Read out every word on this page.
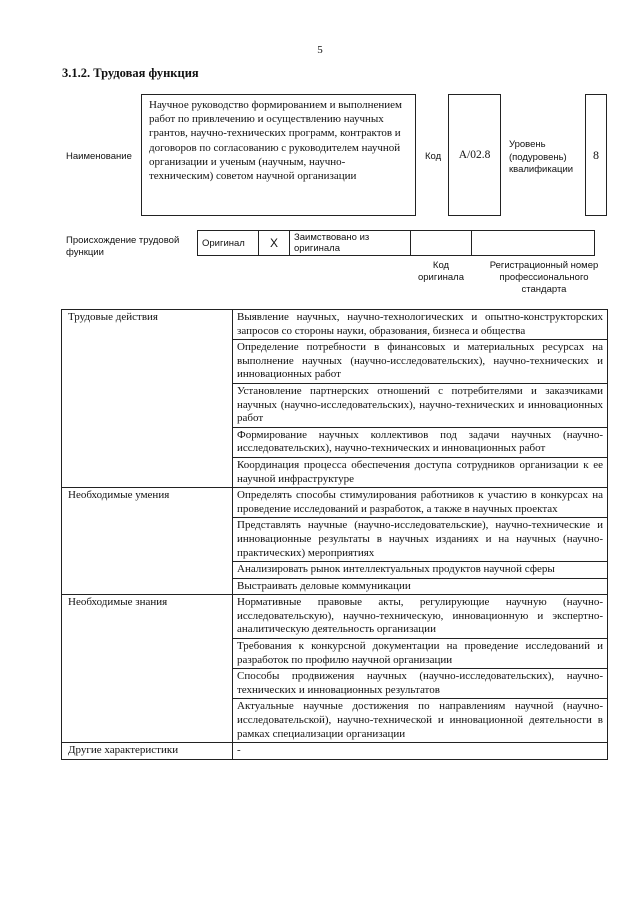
5
3.1.2. Трудовая функция
Наименование
Научное руководство формированием и выполнением работ по привлечению и осуществлению научных грантов, научно-технических программ, контрактов и договоров по согласованию с руководителем научной организации и ученым (научным, научно-техническим) советом научной организации
Код A/02.8
Уровень (подуровень) квалификации
8
Происхождение трудовой функции
Оригинал	X	Заимствовано из оригинала		
Код оригинала
Регистрационный номер профессионального стандарта
Трудовые действия	Выявление научных, научно-технологических и опытно-конструкторских запросов со стороны науки, образования, бизнеса и общества
	Определение потребности в финансовых и материальных ресурсах на выполнение научных (научно-исследовательских), научно-технических и инновационных работ
	Установление партнерских отношений с потребителями и заказчиками научных (научно-исследовательских), научно-технических и инновационных работ
	Формирование научных коллективов под задачи научных (научно-исследовательских), научно-технических и инновационных работ
	Координация процесса обеспечения доступа сотрудников организации к ее научной инфраструктуре
Необходимые умения	Определять способы стимулирования работников к участию в конкурсах на проведение исследований и разработок, а также в научных проектах
	Представлять научные (научно-исследовательские), научно-технические и инновационные результаты в научных изданиях и на научных (научно-практических) мероприятиях
	Анализировать рынок интеллектуальных продуктов научной сферы
	Выстраивать деловые коммуникации
Необходимые знания	Нормативные правовые акты, регулирующие научную (научно-исследовательскую), научно-техническую, инновационную и экспертно-аналитическую деятельность организации
	Требования к конкурсной документации на проведение исследований и разработок по профилю научной организации
	Способы продвижения научных (научно-исследовательских), научно-технических и инновационных результатов
	Актуальные научные достижения по направлениям научной (научно-исследовательской), научно-технической и инновационной деятельности в рамках специализации организации
Другие характеристики	-
